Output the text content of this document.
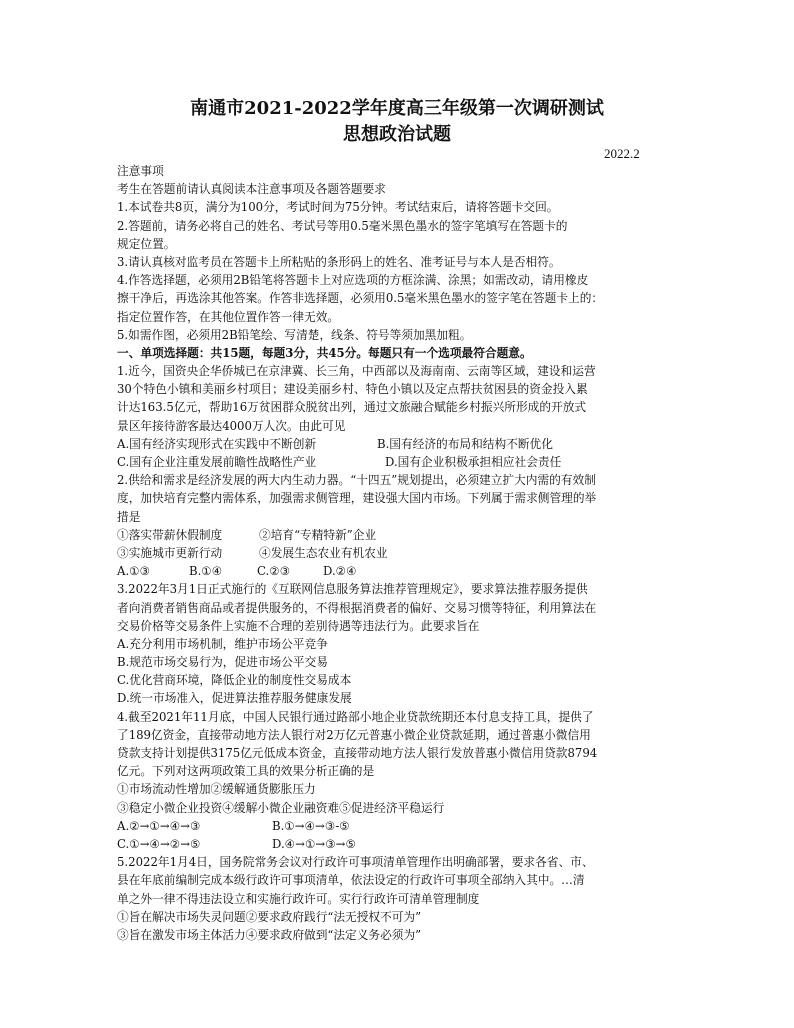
南通市2021-2022学年度高三年级第一次调研测试
思想政治试题
2022.2
注意事项
考生在答题前请认真阅读本注意事项及各题答题要求
1.本试卷共8页，满分为100分，考试时间为75分钟。考试结束后，请将答题卡交回。
2.答题前，请务必将自己的姓名、考试号等用0.5毫米黑色墨水的签字笔填写在答题卡的
规定位置。
3.请认真核对监考员在答题卡上所粘贴的条形码上的姓名、准考证号与本人是否相符。
4.作答选择题，必须用2B铅笔将答题卡上对应选项的方框涂满、涂黑；如需改动，请用橡皮
擦干净后，再选涂其他答案。作答非选择题，必须用0.5毫米黑色墨水的签字笔在答题卡上的：
指定位置作答，在其他位置作答一律无效。
5.如需作图，必须用2B铅笔绘、写清楚，线条、符号等须加黑加粗。
一、单项选择题：共15题，每题3分，共45分。每题只有一个选项最符合题意。
1.近今，国资央企华侨城已在京津冀、长三角，中西部以及海南南、云南等区域，建设和运营
30个特色小镇和美丽乡村项目；建设美丽乡村、特色小镇以及定点帮扶贫困县的资金投入累
计达163.5亿元，帮助16万贫困群众脱贫出列，通过文旅融合赋能乡村振兴所形成的开放式
景区年接待游客最达4000万人次。由此可见
A.国有经济实现形式在实践中不断创新	B.国有经济的布局和结构不断优化
C.国有企业注重发展前瞻性战略性产业	D.国有企业积极承担相应社会责任
2.供给和需求是经济发展的两大内生动力器。“十四五”规划提出，必须建立扩大内需的有效制
度，加快培育完整内需体系，加强需求侧管理，建设强大国内市场。下列属于需求侧管理的举
措是
①落实带薪休假制度	②培育“专精特新”企业
③实施城市更新行动	④发展生态农业有机农业
A.①③	B.①④	C.②③	D.②④
3.2022年3月1日正式施行的《互联网信息服务算法推荐管理规定》，要求算法推荐服务提供
者向消费者销售商品或者提供服务的，不得根据消费者的偏好、交易习惯等特征，利用算法在
交易价格等交易条件上实施不合理的差别待遇等违法行为。此要求旨在
A.充分利用市场机制，维护市场公平竞争
B.规范市场交易行为，促进市场公平交易
C.优化营商环境，降低企业的制度性交易成本
D.统一市场准入，促进算法推荐服务健康发展
4.截至2021年11月底，中国人民银行通过路部小地企业贷款统期还本付息支持工具，提供了
了189亿资金，直接带动地方法人银行对2万亿元普惠小微企业贷款延期，通过普惠小微信用
贷款支持计划提供3175亿元低成本资金，直接带动地方法人银行发放普惠小微信用贷款8794
亿元。下列对这两项政策工具的效果分析正确的是
①市场流动性增加②缓解通货膨胀压力
③稳定小微企业投资④缓解小微企业融资难⑤促进经济平稳运行
A.②→①→④→③	B.①→④→③-⑤
C.①→④→②→⑤	D.④→①→③→⑤
5.2022年1月4日，国务院常务会议对行政许可事项清单管理作出明确部署，要求各省、市、
县在年底前编制完成本级行政许可事项清单，依法设定的行政许可事项全部纳入其中。…清
单之外一律不得违法设立和实施行政许可。实行行政许可清单管理制度
①旨在解决市场失灵问题②要求政府践行“法无授权不可为”
③旨在激发市场主体活力④要求政府做到“法定义务必须为”
